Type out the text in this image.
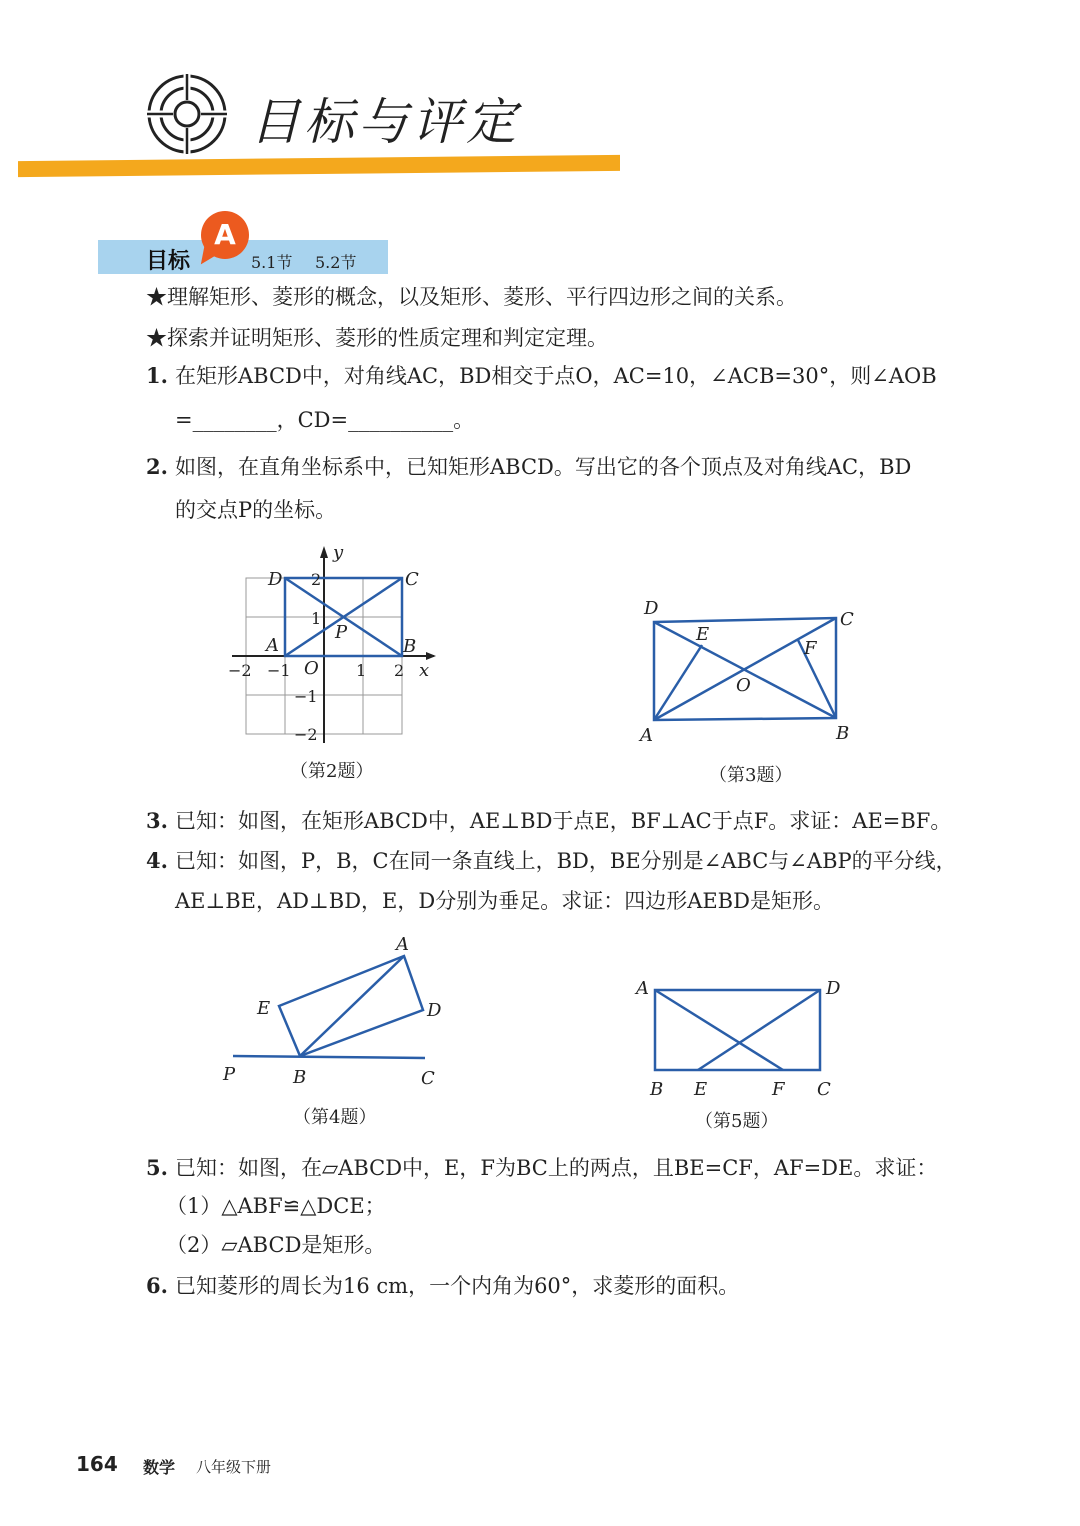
目标与评定
目标
A
5.1节 5.2节
★理解矩形、菱形的概念，以及矩形、菱形、平行四边形之间的关系。
★探索并证明矩形、菱形的性质定理和判定定理。
1. 在矩形ABCD中，对角线AC，BD相交于点O，AC=10，∠ACB=30°，则∠AOB
=________，CD=__________。
2. 如图，在直角坐标系中，已知矩形ABCD。写出它的各个顶点及对角线AC，BD
的交点P的坐标。
D	C
A	B
P
O	x
y
−2 −1	1 2
2
1
−1
−2
（第2题）
D
C
A	B
E
F
O
（第3题）
3. 已知：如图，在矩形ABCD中，AE⊥BD于点E，BF⊥AC于点F。求证：AE=BF。
4. 已知：如图，P，B，C在同一条直线上，BD，BE分别是∠ABC与∠ABP的平分线，
AE⊥BE，AD⊥BD，E，D分别为垂足。求证：四边形AEBD是矩形。
A
E	D
P	B	C
（第4题）
A	D
B E	F C
（第5题）
5. 已知：如图，在▱ABCD中，E，F为BC上的两点，且BE=CF，AF=DE。求证：
（1）△ABF≌△DCE；
（2）▱ABCD是矩形。
6. 已知菱形的周长为16 cm，一个内角为60°，求菱形的面积。
164 数学 八年级下册
